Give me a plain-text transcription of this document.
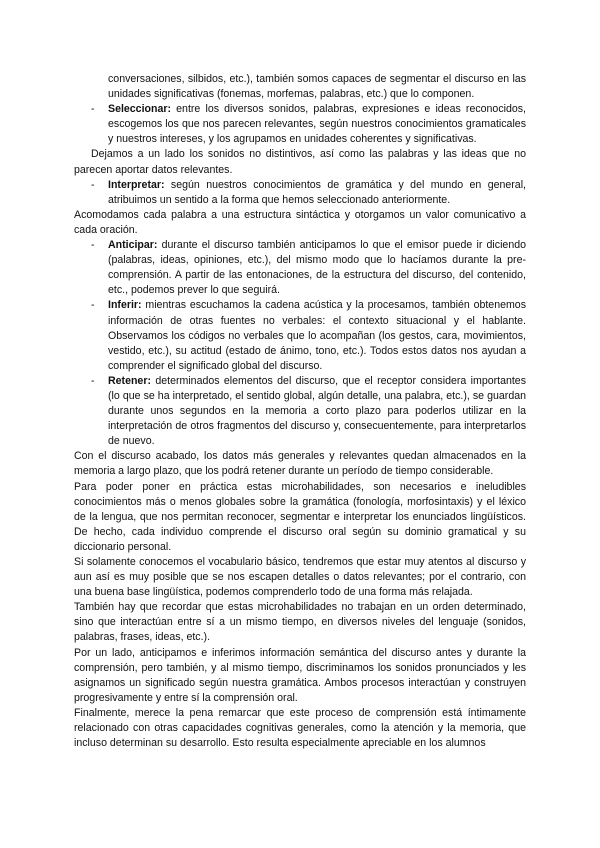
conversaciones, silbidos, etc.), también somos capaces de segmentar el discurso en las unidades significativas (fonemas, morfemas, palabras, etc.) que lo componen.

- Seleccionar: entre los diversos sonidos, palabras, expresiones e ideas reconocidos, escogemos los que nos parecen relevantes, según nuestros conocimientos gramaticales y nuestros intereses, y los agrupamos en unidades coherentes y significativas.

Dejamos a un lado los sonidos no distintivos, así como las palabras y las ideas que no parecen aportar datos relevantes.

- Interpretar: según nuestros conocimientos de gramática y del mundo en general, atribuimos un sentido a la forma que hemos seleccionado anteriormente.

Acomodamos cada palabra a una estructura sintáctica y otorgamos un valor comunicativo a cada oración.

- Anticipar: durante el discurso también anticipamos lo que el emisor puede ir diciendo (palabras, ideas, opiniones, etc.), del mismo modo que lo hacíamos durante la pre-comprensión. A partir de las entonaciones, de la estructura del discurso, del contenido, etc., podemos prever lo que seguirá.

- Inferir: mientras escuchamos la cadena acústica y la procesamos, también obtenemos información de otras fuentes no verbales: el contexto situacional y el hablante. Observamos los códigos no verbales que lo acompañan (los gestos, cara, movimientos, vestido, etc.), su actitud (estado de ánimo, tono, etc.). Todos estos datos nos ayudan a comprender el significado global del discurso.

- Retener: determinados elementos del discurso, que el receptor considera importantes (lo que se ha interpretado, el sentido global, algún detalle, una palabra, etc.), se guardan durante unos segundos en la memoria a corto plazo para poderlos utilizar en la interpretación de otros fragmentos del discurso y, consecuentemente, para interpretarlos de nuevo.

Con el discurso acabado, los datos más generales y relevantes quedan almacenados en la memoria a largo plazo, que los podrá retener durante un período de tiempo considerable.

Para poder poner en práctica estas microhabilidades, son necesarios e ineludibles conocimientos más o menos globales sobre la gramática (fonología, morfosintaxis) y el léxico de la lengua, que nos permitan reconocer, segmentar e interpretar los enunciados lingüísticos. De hecho, cada individuo comprende el discurso oral según su dominio gramatical y su diccionario personal.

Si solamente conocemos el vocabulario básico, tendremos que estar muy atentos al discurso y aun así es muy posible que se nos escapen detalles o datos relevantes; por el contrario, con una buena base lingüística, podemos comprenderlo todo de una forma más relajada.

También hay que recordar que estas microhabilidades no trabajan en un orden determinado, sino que interactúan entre sí a un mismo tiempo, en diversos niveles del lenguaje (sonidos, palabras, frases, ideas, etc.).

Por un lado, anticipamos e inferimos información semántica del discurso antes y durante la comprensión, pero también, y al mismo tiempo, discriminamos los sonidos pronunciados y les asignamos un significado según nuestra gramática. Ambos procesos interactúan y construyen progresivamente y entre sí la comprensión oral.

Finalmente, merece la pena remarcar que este proceso de comprensión está íntimamente relacionado con otras capacidades cognitivas generales, como la atención y la memoria, que incluso determinan su desarrollo. Esto resulta especialmente apreciable en los alumnos
